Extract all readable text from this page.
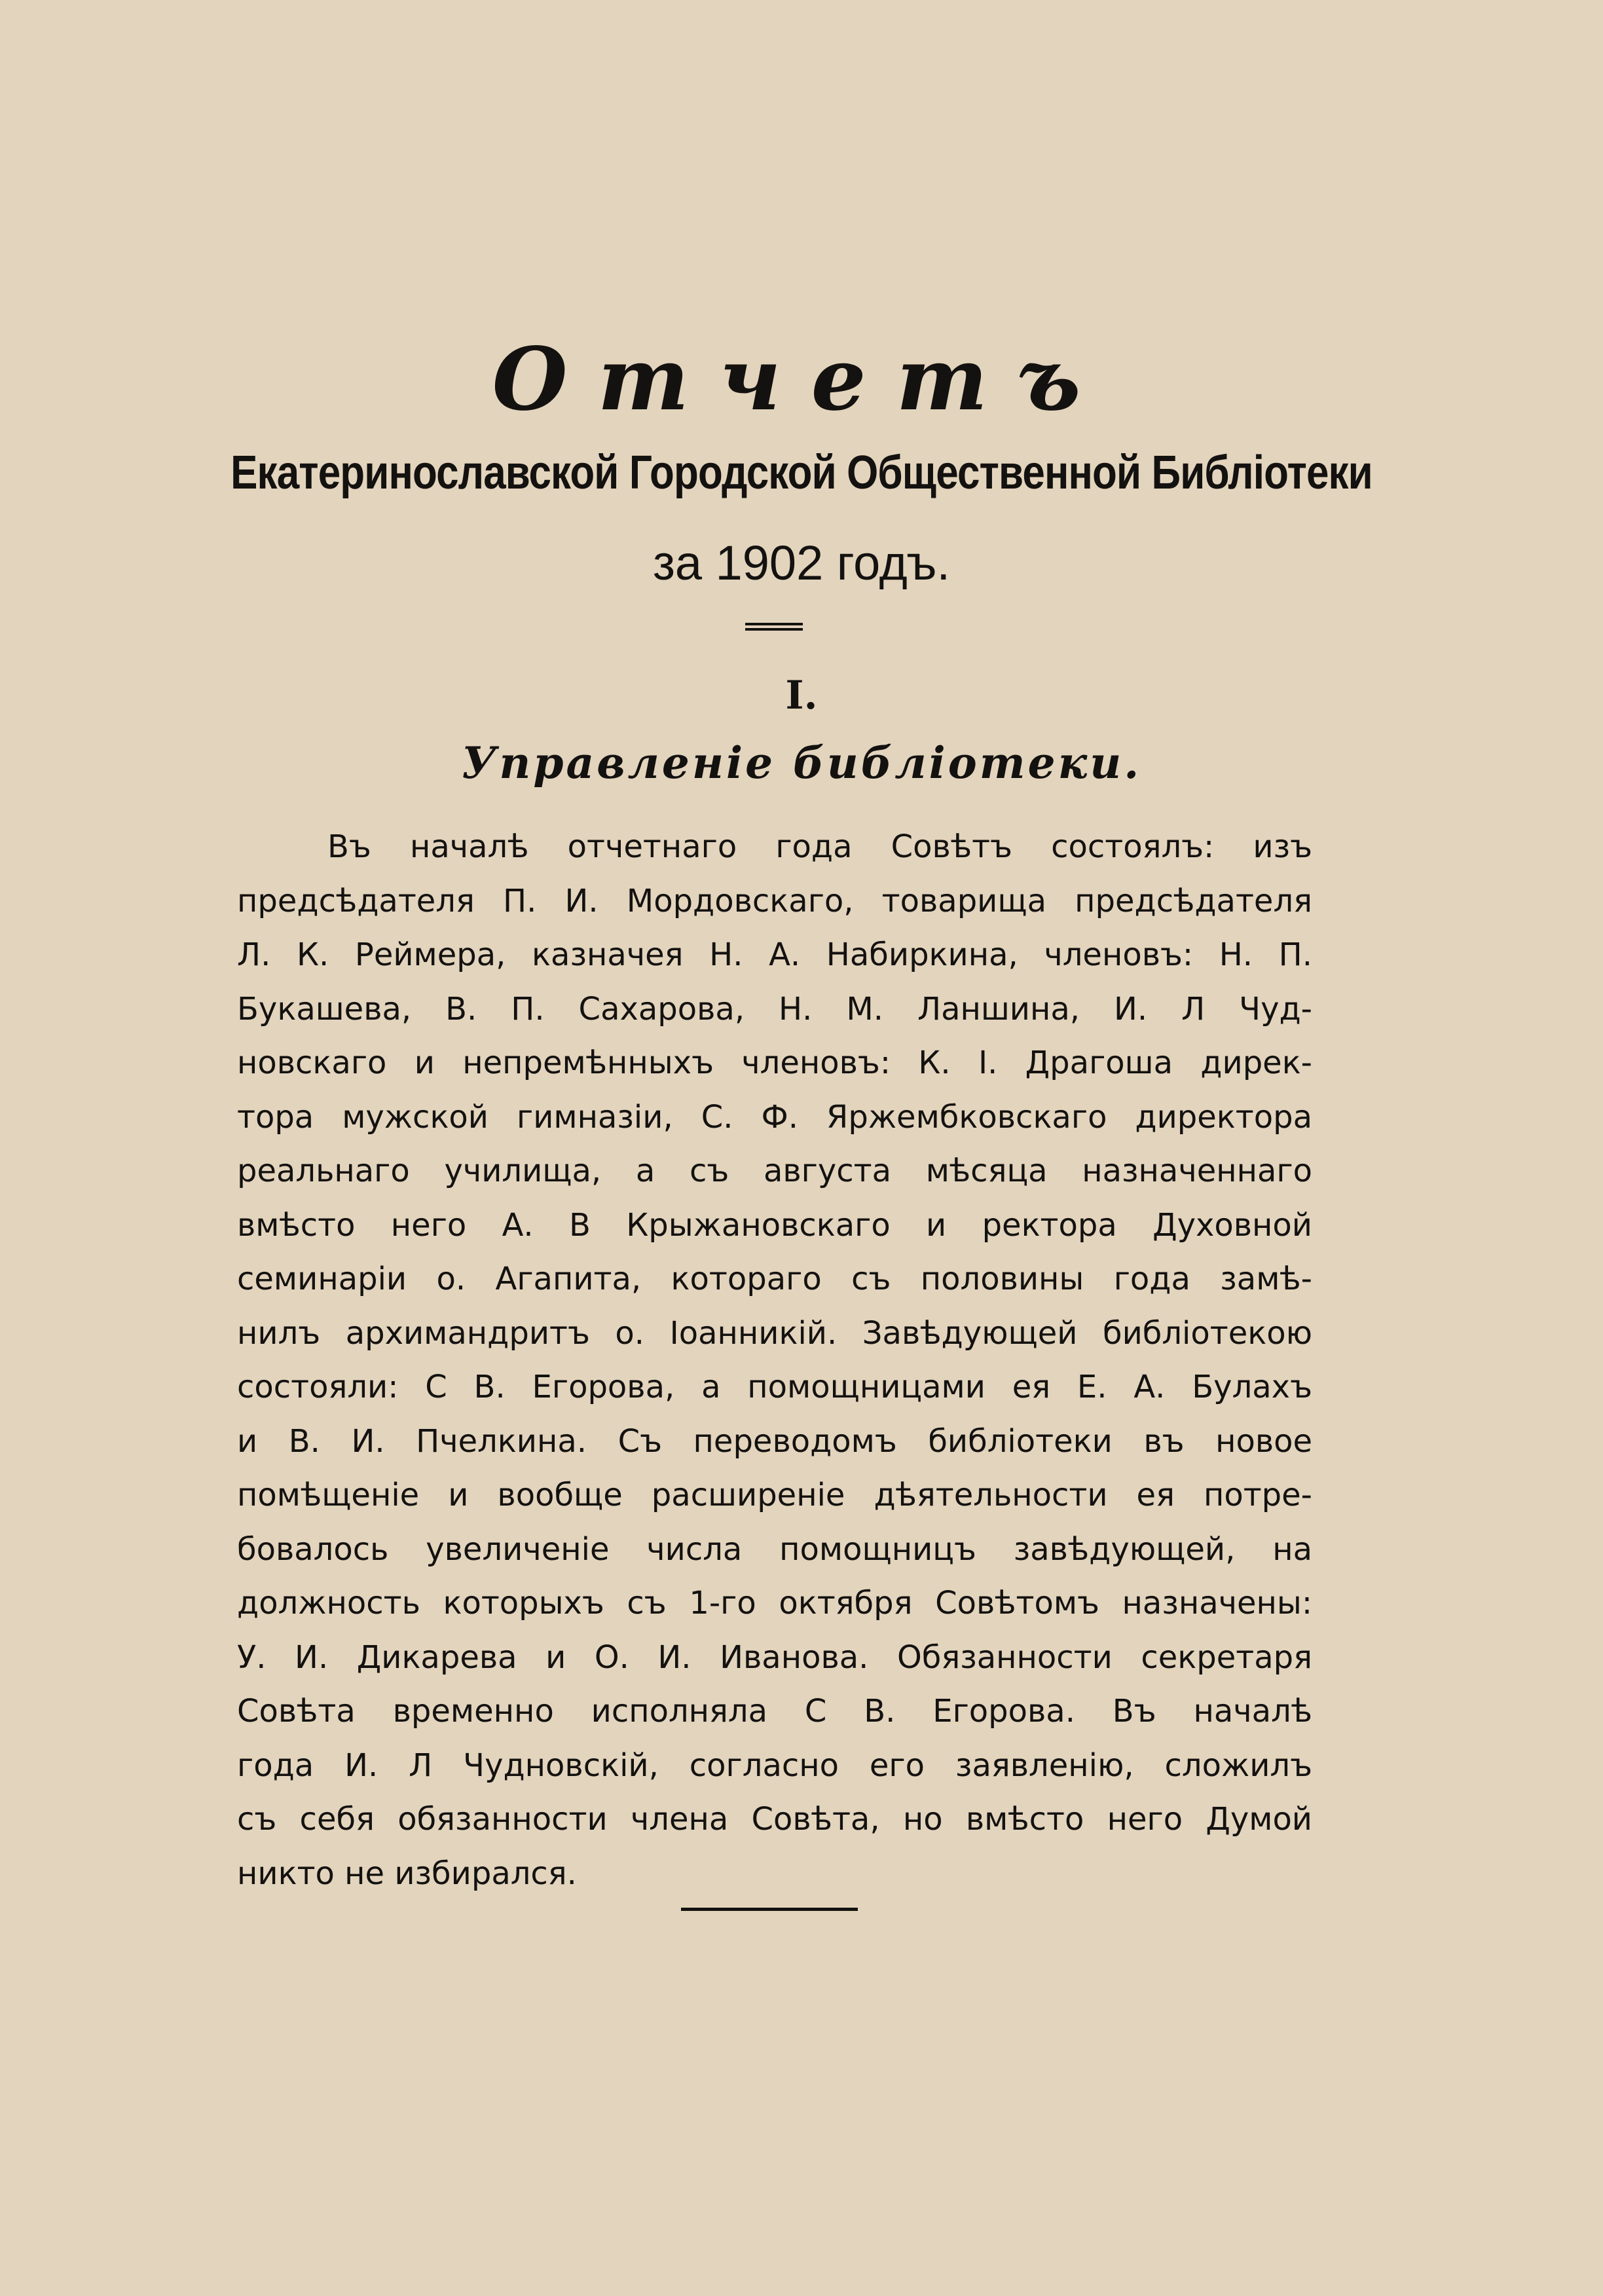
Отчетъ
Екатеринославской Городской Общественной Библіотеки
за 1902 годъ.
I.
Управленіе библіотеки.
Въ началѣ отчетнаго года Совѣтъ состоялъ: изъ
предсѣдателя П. И. Мордовскаго, товарища предсѣдателя
Л. К. Реймера, казначея Н. А. Набиркина, членовъ: Н. П.
Букашева, В. П. Сахарова, Н. М. Ланшина, И. Л Чуд-
новскаго и непремѣнныхъ членовъ: К. І. Драгоша дирек-
тора мужской гимназіи, С. Ф. Яржембковскаго директора
реальнаго училища, а съ августа мѣсяца назначеннаго
вмѣсто него А. В Крыжановскаго и ректора Духовной
семинаріи о. Агапита, котораго съ половины года замѣ-
нилъ архимандритъ о. Іоанникій. Завѣдующей библіотекою
состояли: С В. Егорова, а помощницами ея Е. А. Булахъ
и В. И. Пчелкина. Съ переводомъ библіотеки въ новое
помѣщеніе и вообще расширеніе дѣятельности ея потре-
бовалось увеличеніе числа помощницъ завѣдующей, на
должность которыхъ съ 1-го октября Совѣтомъ назначены:
У. И. Дикарева и О. И. Иванова. Обязанности секретаря
Совѣта временно исполняла С В. Егорова. Въ началѣ
года И. Л Чудновскій, согласно его заявленію, сложилъ
съ себя обязанности члена Совѣта, но вмѣсто него Думой
никто не избирался.
